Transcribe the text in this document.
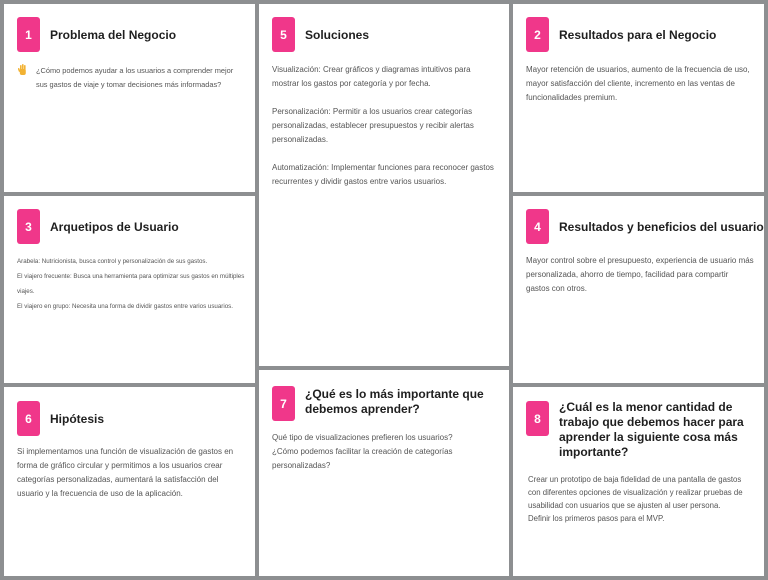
1	Problema del Negocio

¿Cómo podemos ayudar a los usuarios a comprender mejor sus gastos de viaje y tomar decisiones más informadas?

5	Soluciones

Visualización: Crear gráficos y diagramas intuitivos para mostrar los gastos por categoría y por fecha.

Personalización: Permitir a los usuarios crear categorías personalizadas, establecer presupuestos y recibir alertas personalizadas.

Automatización: Implementar funciones para reconocer gastos recurrentes y dividir gastos entre varios usuarios.

2	Resultados para el Negocio

Mayor retención de usuarios, aumento de la frecuencia de uso, mayor satisfacción del cliente, incremento en las ventas de funcionalidades premium.

3	Arquetipos de Usuario

Arabela: Nutricionista, busca control y personalización de sus gastos.

El viajero frecuente: Busca una herramienta para optimizar sus gastos en múltiples viajes.

El viajero en grupo: Necesita una forma de dividir gastos entre varios usuarios.

4	Resultados y beneficios del usuario

Mayor control sobre el presupuesto, experiencia de usuario más personalizada, ahorro de tiempo, facilidad para compartir gastos con otros.

6	Hipótesis

Si implementamos una función de visualización de gastos en forma de gráfico circular y permitimos a los usuarios crear categorías personalizadas, aumentará la satisfacción del usuario y la frecuencia de uso de la aplicación.

7
¿Qué es lo más importante que debemos aprender?

Qué tipo de visualizaciones prefieren los usuarios?

¿Cómo podemos facilitar la creación de categorías personalizadas?

8
¿Cuál es la menor cantidad de trabajo que debemos hacer para aprender la siguiente cosa más importante?

Crear un prototipo de baja fidelidad de una pantalla de gastos con diferentes opciones de visualización y realizar pruebas de usabilidad con usuarios que se ajusten al user persona.

Definir los primeros pasos para el MVP.
